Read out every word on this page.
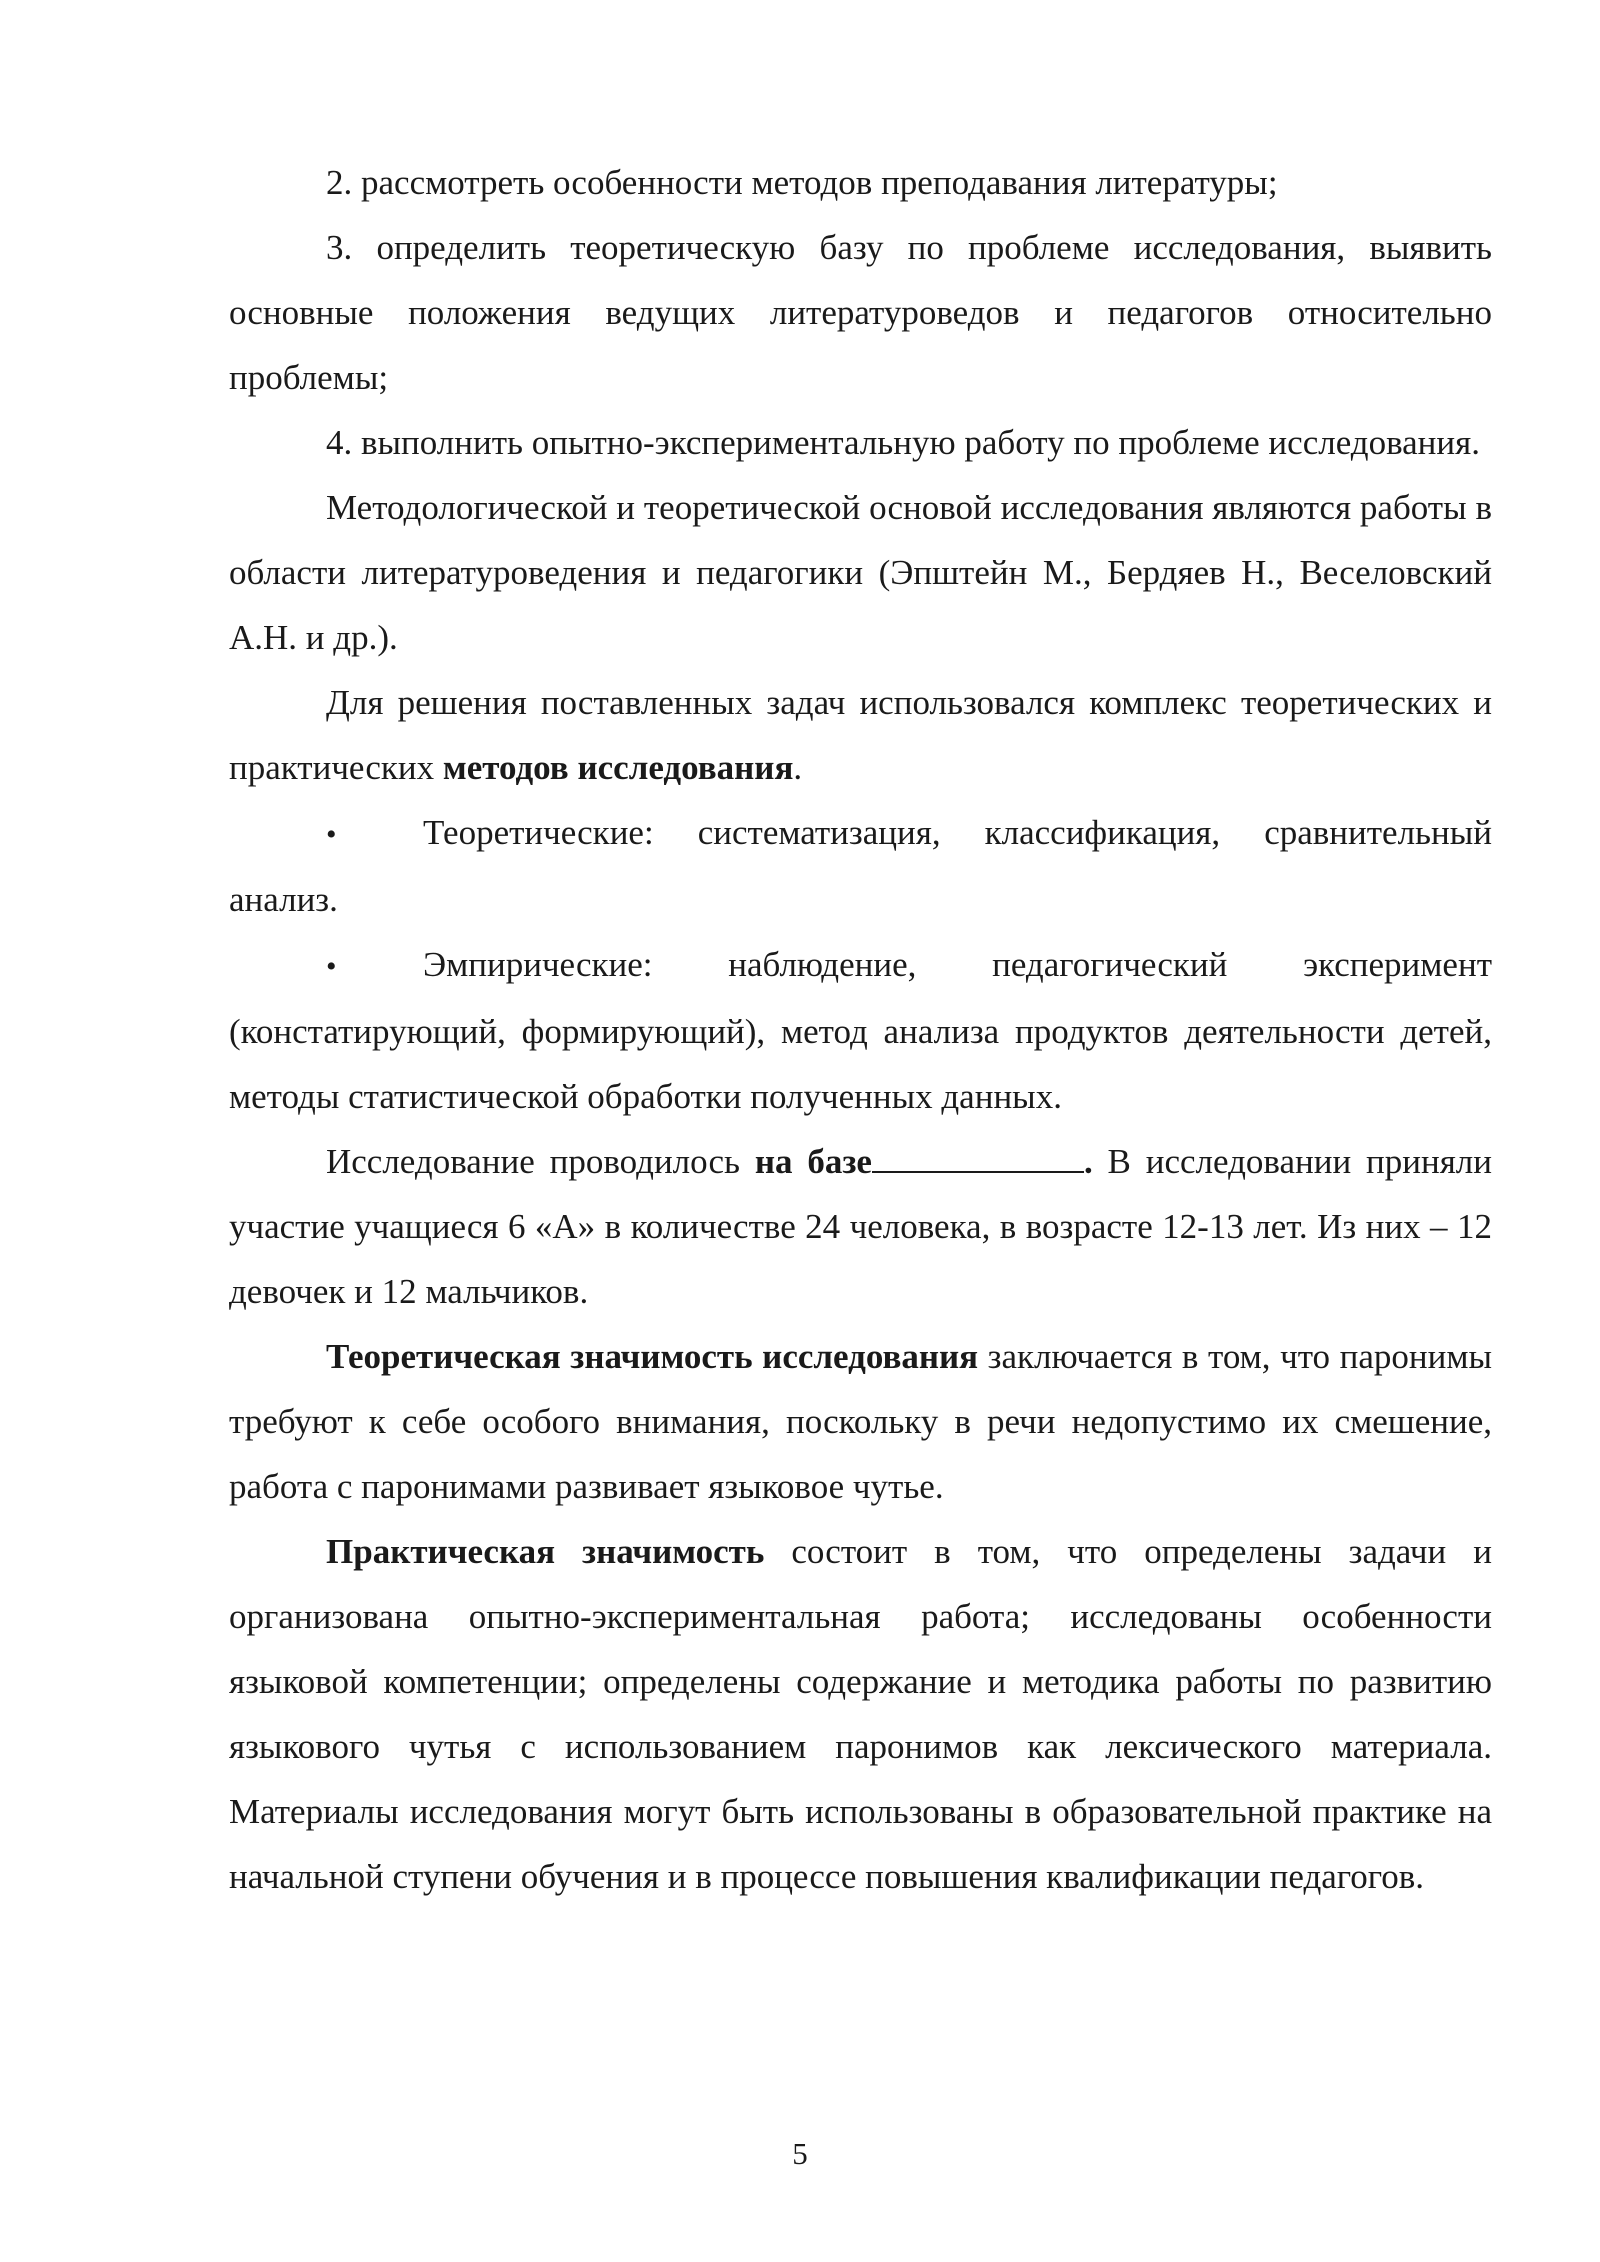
2. рассмотреть особенности методов преподавания литературы;

3. определить теоретическую базу по проблеме исследования, выявить основные положения ведущих литературоведов и педагогов относительно проблемы;

4. выполнить опытно-экспериментальную работу по проблеме исследования.

Методологической и теоретической основой исследования являются работы в области литературоведения и педагогики (Эпштейн М., Бердяев Н., Веселовский А.Н. и др.).

Для решения поставленных задач использовался комплекс теоретических и практических методов исследования.

• Теоретические: систематизация, классификация, сравнительный анализ.

• Эмпирические: наблюдение, педагогический эксперимент (констатирующий, формирующий), метод анализа продуктов деятельности детей, методы статистической обработки полученных данных.

Исследование проводилось на базе	. В исследовании приняли участие учащиеся 6 «А» в количестве 24 человека, в возрасте 12-13 лет. Из них – 12 девочек и 12 мальчиков.

Теоретическая значимость исследования заключается в том, что паронимы требуют к себе особого внимания, поскольку в речи недопустимо их смешение, работа с паронимами развивает языковое чутье.

Практическая значимость состоит в том, что определены задачи и организована опытно-экспериментальная работа; исследованы особенности языковой компетенции; определены содержание и методика работы по развитию языкового чутья с использованием паронимов как лексического материала. Материалы исследования могут быть использованы в образовательной практике на начальной ступени обучения и в процессе повышения квалификации педагогов.

5
